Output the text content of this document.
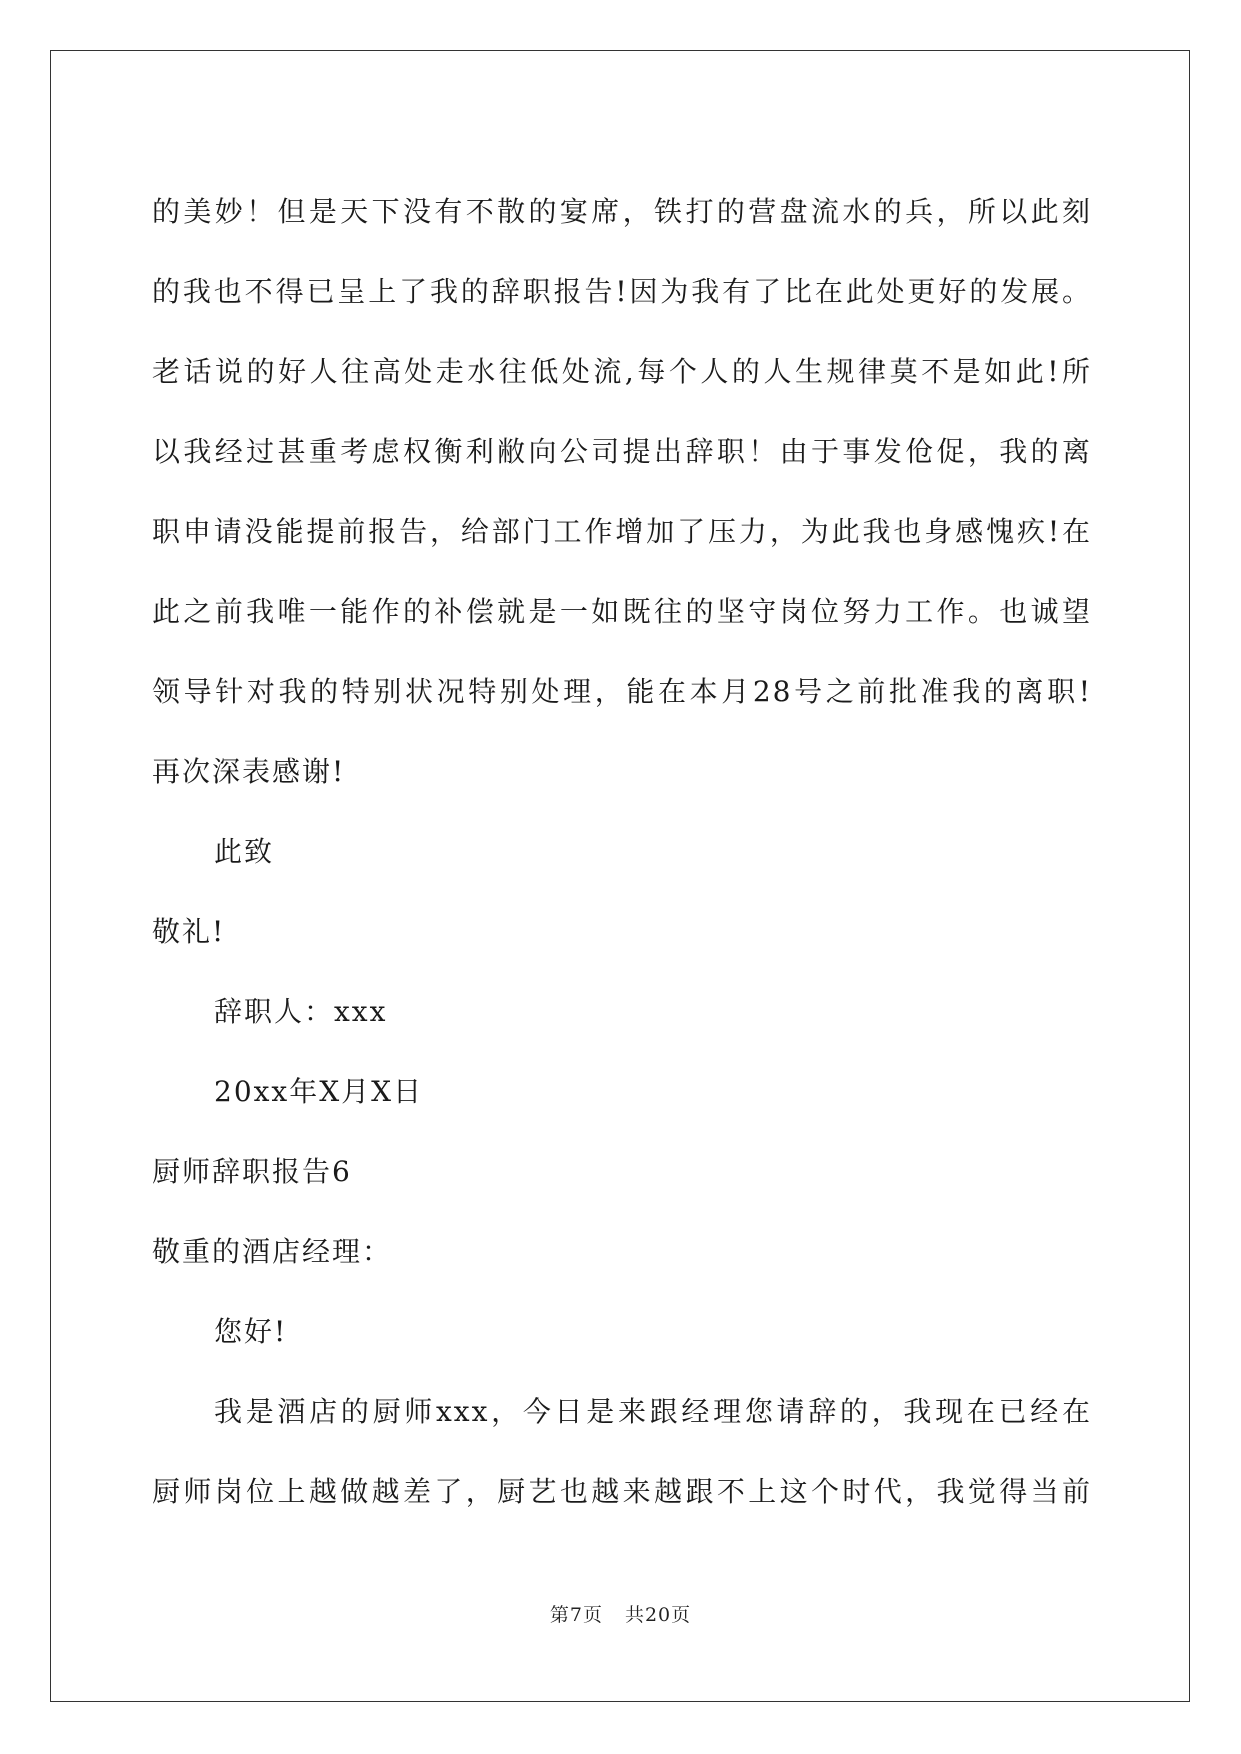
的美妙！但是天下没有不散的宴席，铁打的营盘流水的兵，所以此刻
的我也不得已呈上了我的辞职报告!因为我有了比在此处更好的发展。
老话说的好人往高处走水往低处流,每个人的人生规律莫不是如此!所
以我经过甚重考虑权衡利敝向公司提出辞职！由于事发伧促，我的离
职申请没能提前报告，给部门工作增加了压力，为此我也身感愧疚!在
此之前我唯一能作的补偿就是一如既往的坚守岗位努力工作。也诚望
领导针对我的特别状况特别处理，能在本月28号之前批准我的离职!
再次深表感谢!
此致
敬礼!
辞职人：xxx
20xx年X月X日
厨师辞职报告6
敬重的酒店经理：
您好!
我是酒店的厨师xxx，今日是来跟经理您请辞的，我现在已经在
厨师岗位上越做越差了，厨艺也越来越跟不上这个时代，我觉得当前
第7页 共20页
